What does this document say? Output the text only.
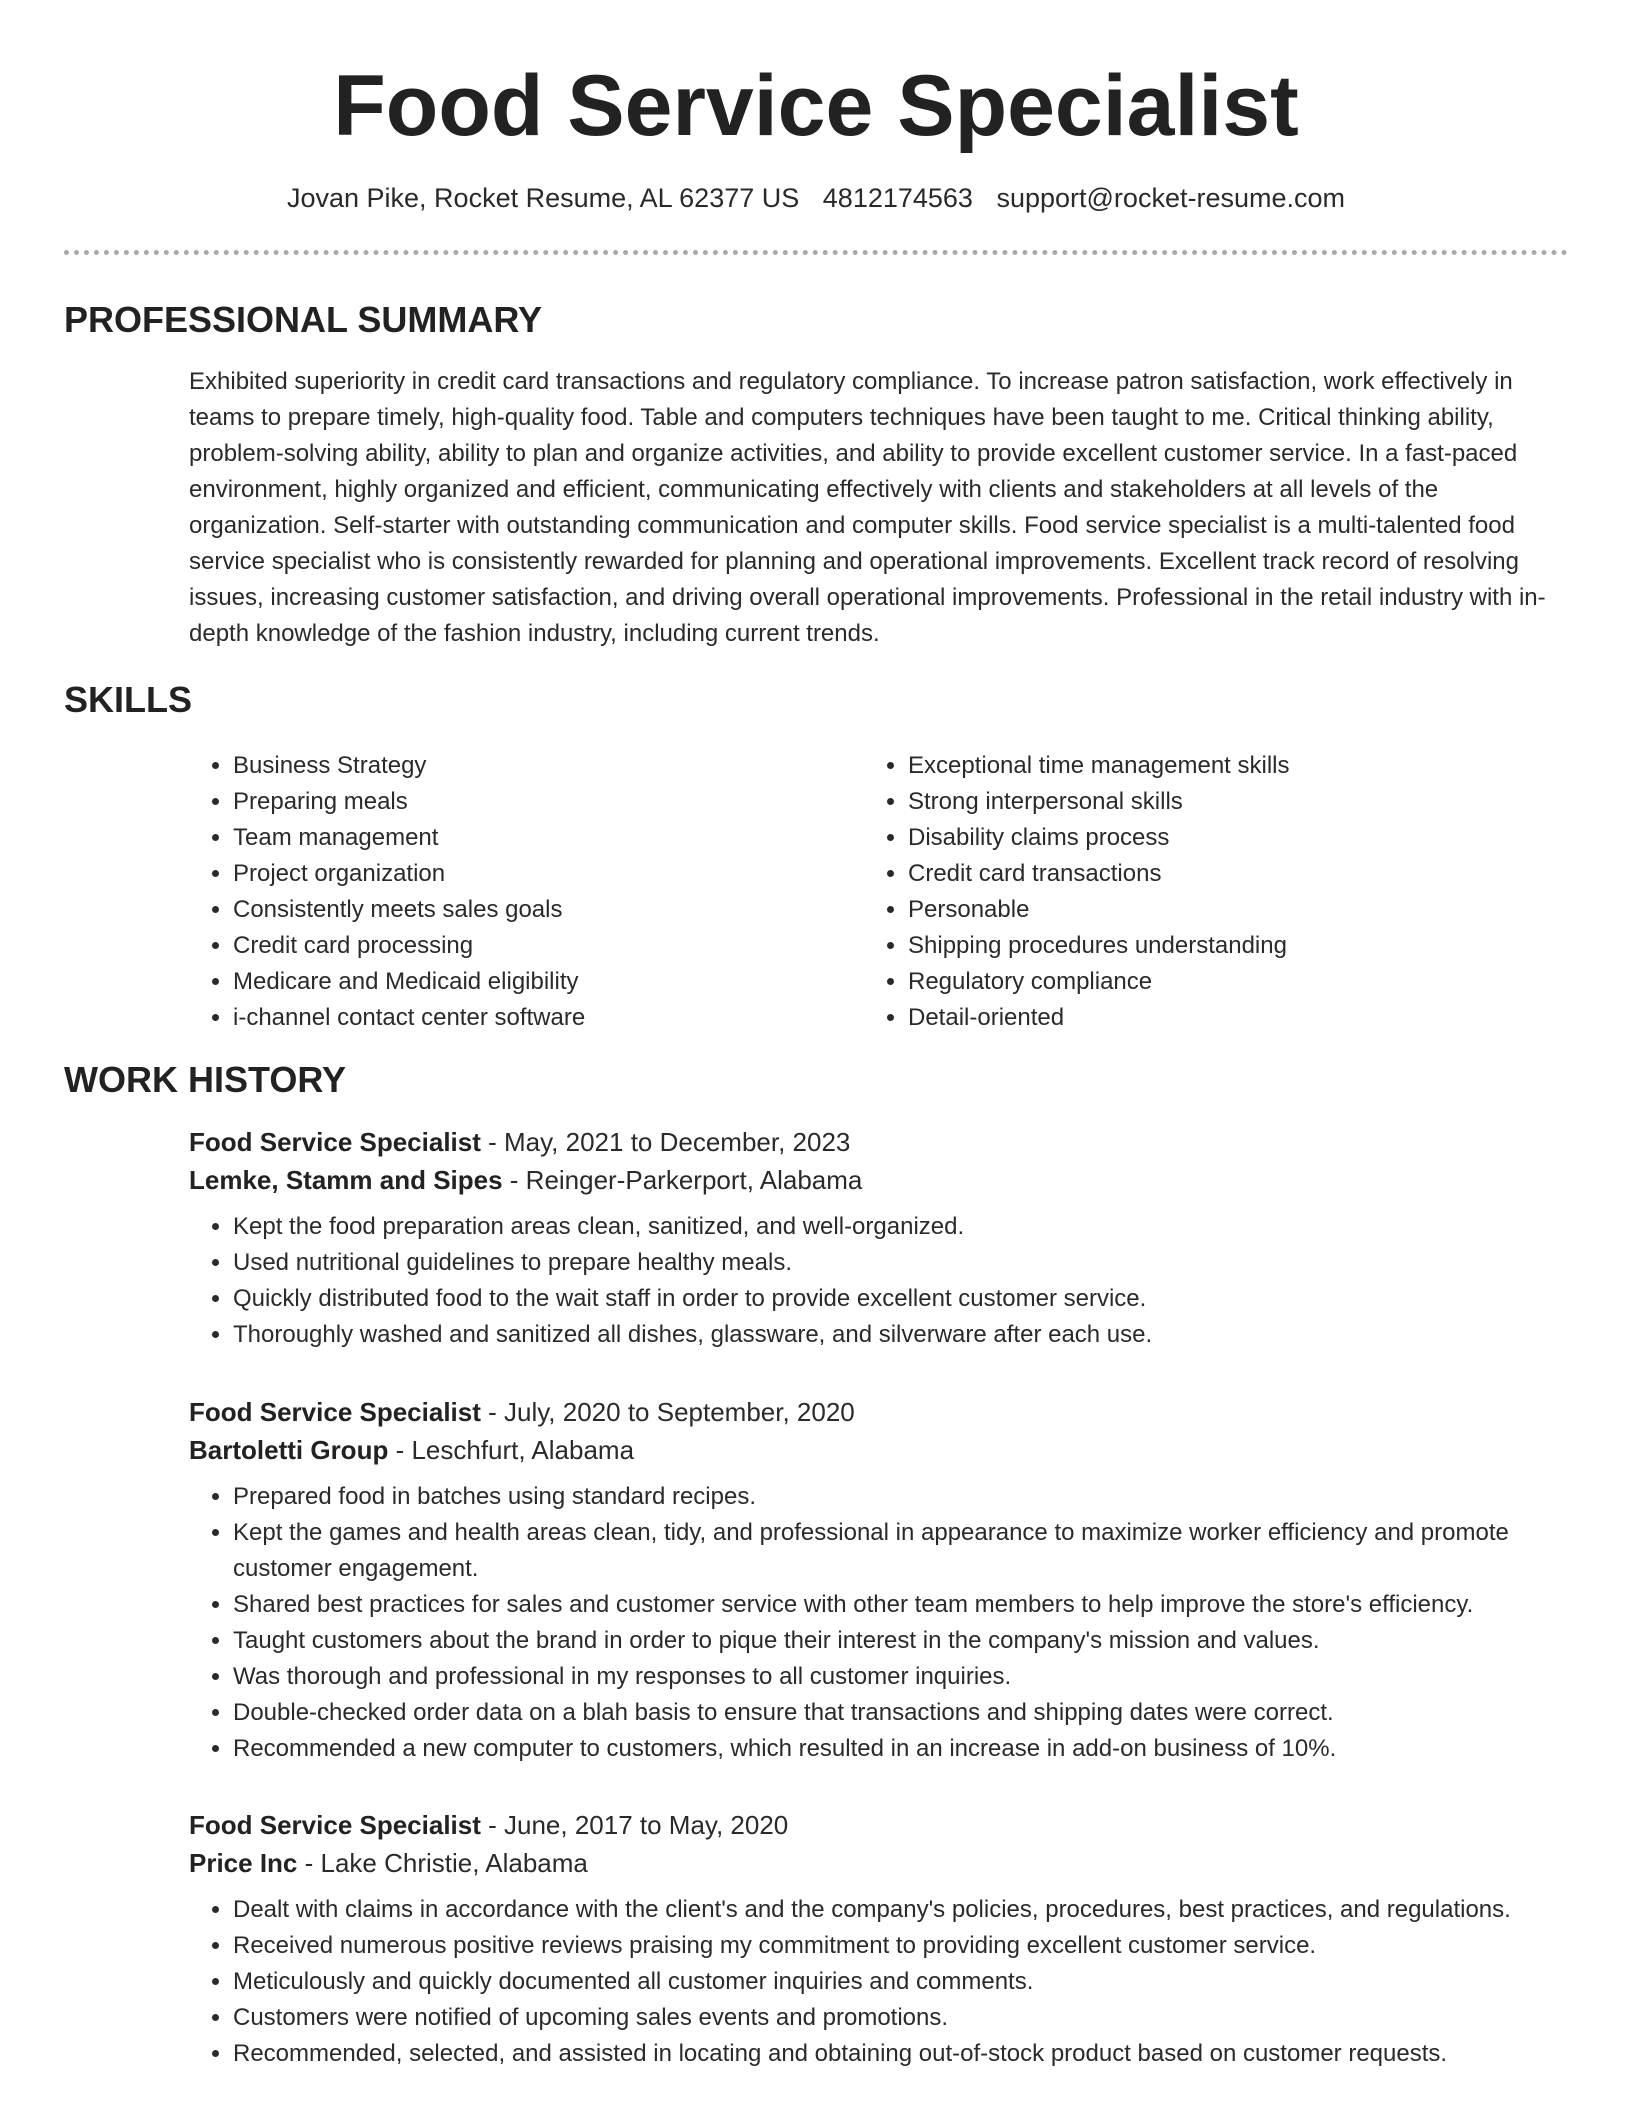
Food Service Specialist
Jovan Pike, Rocket Resume, AL 62377 US 4812174563 support@rocket-resume.com
PROFESSIONAL SUMMARY

Exhibited superiority in credit card transactions and regulatory compliance. To increase patron satisfaction, work effectively in teams to prepare timely, high-quality food. Table and computers techniques have been taught to me. Critical thinking ability, problem-solving ability, ability to plan and organize activities, and ability to provide excellent customer service. In a fast-paced environment, highly organized and efficient, communicating effectively with clients and stakeholders at all levels of the organization. Self-starter with outstanding communication and computer skills. Food service specialist is a multi-talented food service specialist who is consistently rewarded for planning and operational improvements. Excellent track record of resolving issues, increasing customer satisfaction, and driving overall operational improvements. Professional in the retail industry with in-depth knowledge of the fashion industry, including current trends.

SKILLS
• Business Strategy
• Preparing meals
• Team management
• Project organization
• Consistently meets sales goals
• Credit card processing
• Medicare and Medicaid eligibility
• i-channel contact center software
• Exceptional time management skills
• Strong interpersonal skills
• Disability claims process
• Credit card transactions
• Personable
• Shipping procedures understanding
• Regulatory compliance
• Detail-oriented
WORK HISTORY
Food Service Specialist - May, 2021 to December, 2023
Lemke, Stamm and Sipes - Reinger-Parkerport, Alabama
• Kept the food preparation areas clean, sanitized, and well-organized.
• Used nutritional guidelines to prepare healthy meals.
• Quickly distributed food to the wait staff in order to provide excellent customer service.
• Thoroughly washed and sanitized all dishes, glassware, and silverware after each use.
Food Service Specialist - July, 2020 to September, 2020
Bartoletti Group - Leschfurt, Alabama
• Prepared food in batches using standard recipes.
• Kept the games and health areas clean, tidy, and professional in appearance to maximize worker efficiency and promote customer engagement.
• Shared best practices for sales and customer service with other team members to help improve the store's efficiency.
• Taught customers about the brand in order to pique their interest in the company's mission and values.
• Was thorough and professional in my responses to all customer inquiries.
• Double-checked order data on a blah basis to ensure that transactions and shipping dates were correct.
• Recommended a new computer to customers, which resulted in an increase in add-on business of 10%.
Food Service Specialist - June, 2017 to May, 2020
Price Inc - Lake Christie, Alabama
• Dealt with claims in accordance with the client's and the company's policies, procedures, best practices, and regulations.
• Received numerous positive reviews praising my commitment to providing excellent customer service.
• Meticulously and quickly documented all customer inquiries and comments.
• Customers were notified of upcoming sales events and promotions.
• Recommended, selected, and assisted in locating and obtaining out-of-stock product based on customer requests.
